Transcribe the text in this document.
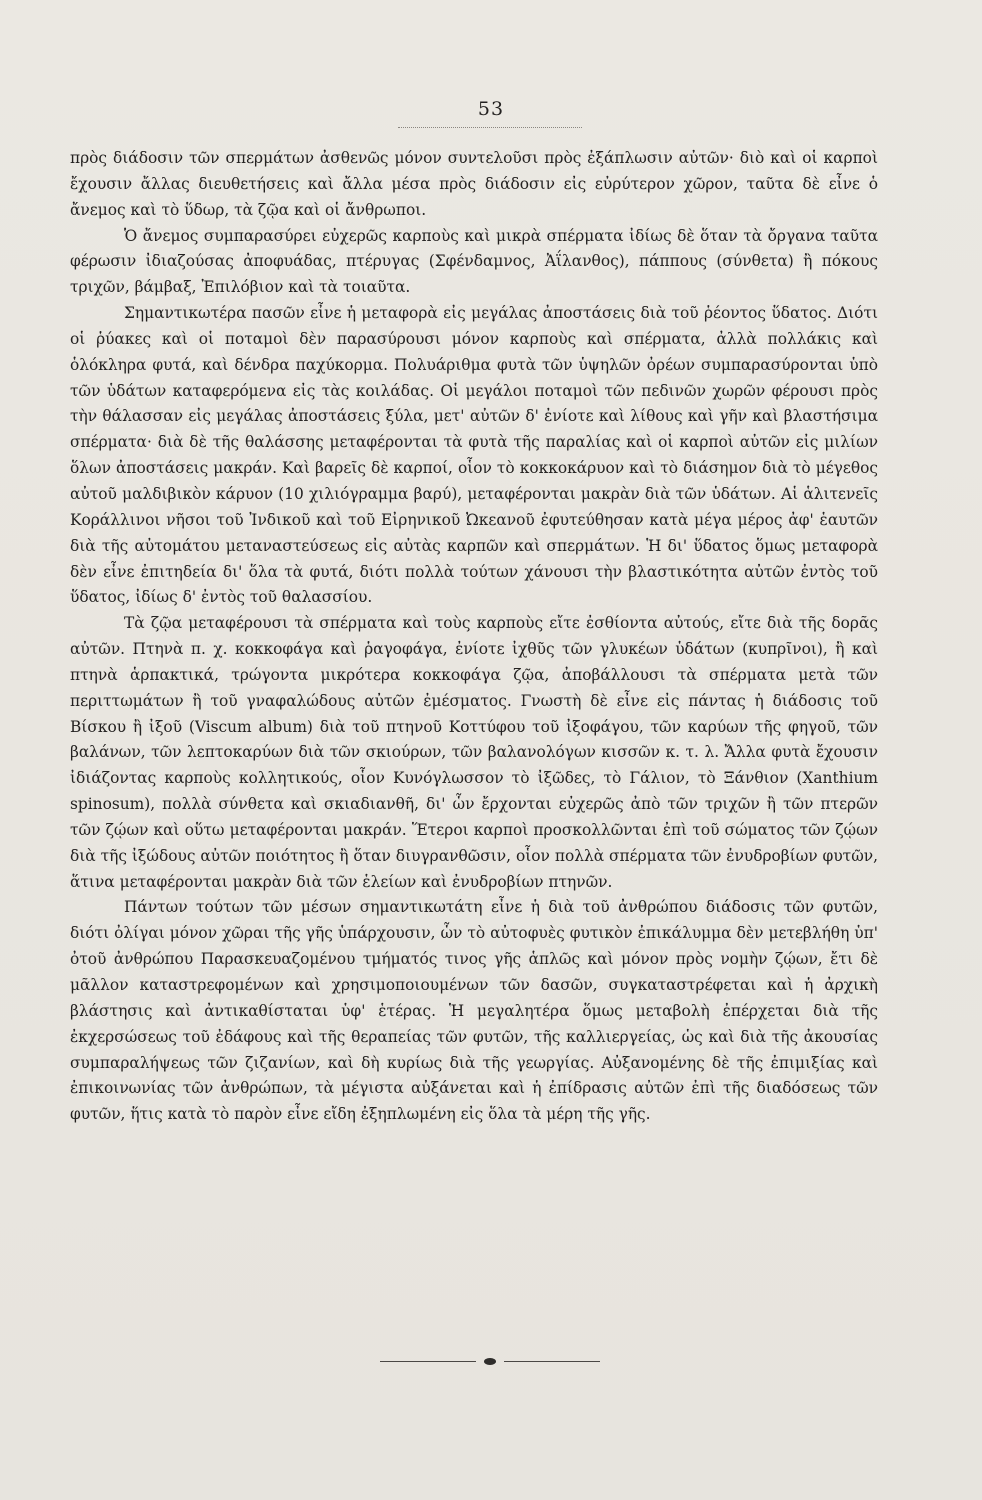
53

πρὸς διάδοσιν τῶν σπερμάτων ἀσθενῶς μόνον συντελοῦσι πρὸς ἐξάπλωσιν αὐτῶν· διὸ καὶ οἱ καρποὶ ἔχουσιν ἄλλας διευθετήσεις καὶ ἄλλα μέσα πρὸς διάδοσιν εἰς εὐρύτερον χῶρον, ταῦτα δὲ εἶνε ὁ ἄνεμος καὶ τὸ ὕδωρ, τὰ ζῷα καὶ οἱ ἄνθρωποι.

Ὁ ἄνεμος συμπαρασύρει εὐχερῶς καρποὺς καὶ μικρὰ σπέρματα ἰδίως δὲ ὅταν τὰ ὄργανα ταῦτα φέρωσιν ἰδιαζούσας ἀποφυάδας, πτέρυγας (Σφένδαμνος, Ἀΐλανθος), πάππους (σύνθετα) ἢ πόκους τριχῶν, βάμβαξ, Ἐπιλόβιον καὶ τὰ τοιαῦτα.

Σημαντικωτέρα πασῶν εἶνε ἡ μεταφορὰ εἰς μεγάλας ἀποστάσεις διὰ τοῦ ῥέοντος ὕδατος. Διότι οἱ ῥύακες καὶ οἱ ποταμοὶ δὲν παρασύρουσι μόνον καρποὺς καὶ σπέρματα, ἀλλὰ πολλάκις καὶ ὁλόκληρα φυτά, καὶ δένδρα παχύκορμα. Πολυάριθμα φυτὰ τῶν ὑψηλῶν ὀρέων συμπαρασύρονται ὑπὸ τῶν ὑδάτων καταφερόμενα εἰς τὰς κοιλάδας. Οἱ μεγάλοι ποταμοὶ τῶν πεδινῶν χωρῶν φέρουσι πρὸς τὴν θάλασσαν εἰς μεγάλας ἀποστάσεις ξύλα, μετ' αὐτῶν δ' ἐνίοτε καὶ λίθους καὶ γῆν καὶ βλαστήσιμα σπέρματα· διὰ δὲ τῆς θαλάσσης μεταφέρονται τὰ φυτὰ τῆς παραλίας καὶ οἱ καρποὶ αὐτῶν εἰς μιλίων ὅλων ἀποστάσεις μακράν. Καὶ βαρεῖς δὲ καρποί, οἷον τὸ κοκκοκάρυον καὶ τὸ διάσημον διὰ τὸ μέγεθος αὐτοῦ μαλδιβικὸν κάρυον (10 χιλιόγραμμα βαρύ), μεταφέρονται μακρὰν διὰ τῶν ὑδάτων. Αἱ ἁλιτενεῖς Κοράλλινοι νῆσοι τοῦ Ἰνδικοῦ καὶ τοῦ Εἰρηνικοῦ Ὠκεανοῦ ἐφυτεύθησαν κατὰ μέγα μέρος ἀφ' ἑαυτῶν διὰ τῆς αὐτομάτου μεταναστεύσεως εἰς αὐτὰς καρπῶν καὶ σπερμάτων. Ἡ δι' ὕδατος ὅμως μεταφορὰ δὲν εἶνε ἐπιτηδεία δι' ὅλα τὰ φυτά, διότι πολλὰ τούτων χάνουσι τὴν βλαστικότητα αὐτῶν ἐντὸς τοῦ ὕδατος, ἰδίως δ' ἐντὸς τοῦ θαλασσίου.

Τὰ ζῷα μεταφέρουσι τὰ σπέρματα καὶ τοὺς καρποὺς εἴτε ἐσθίοντα αὐτούς, εἴτε διὰ τῆς δορᾶς αὐτῶν. Πτηνὰ π. χ. κοκκοφάγα καὶ ῥαγοφάγα, ἐνίοτε ἰχθῦς τῶν γλυκέων ὑδάτων (κυπρῖνοι), ἢ καὶ πτηνὰ ἁρπακτικά, τρώγοντα μικρότερα κοκκοφάγα ζῷα, ἀποβάλλουσι τὰ σπέρματα μετὰ τῶν περιττωμάτων ἢ τοῦ γναφαλώδους αὐτῶν ἐμέσματος. Γνωστὴ δὲ εἶνε εἰς πάντας ἡ διάδοσις τοῦ Βίσκου ἢ ἰξοῦ (Viscum album) διὰ τοῦ πτηνοῦ Κοττύφου τοῦ ἰξοφάγου, τῶν καρύων τῆς φηγοῦ, τῶν βαλάνων, τῶν λεπτοκαρύων διὰ τῶν σκιούρων, τῶν βαλανολόγων κισσῶν κ. τ. λ. Ἄλλα φυτὰ ἔχουσιν ἰδιάζοντας καρποὺς κολλητικούς, οἷον Κυνόγλωσσον τὸ ἰξῶδες, τὸ Γάλιον, τὸ Ξάνθιον (Xanthium spinosum), πολλὰ σύνθετα καὶ σκιαδιανθῆ, δι' ὧν ἔρχονται εὐχερῶς ἀπὸ τῶν τριχῶν ἢ τῶν πτερῶν τῶν ζῴων καὶ οὕτω μεταφέρονται μακράν. Ἕτεροι καρποὶ προσκολλῶνται ἐπὶ τοῦ σώματος τῶν ζῴων διὰ τῆς ἰξώδους αὐτῶν ποιότητος ἢ ὅταν διυγρανθῶσιν, οἷον πολλὰ σπέρματα τῶν ἐνυδροβίων φυτῶν, ἅτινα μεταφέρονται μακρὰν διὰ τῶν ἑλείων καὶ ἐνυδροβίων πτηνῶν.

Πάντων τούτων τῶν μέσων σημαντικωτάτη εἶνε ἡ διὰ τοῦ ἀνθρώπου διάδοσις τῶν φυτῶν, διότι ὀλίγαι μόνον χῶραι τῆς γῆς ὑπάρχουσιν, ὧν τὸ αὐτοφυὲς φυτικὸν ἐπικάλυμμα δὲν μετεβλήθη ὑπ' ὀτοῦ ἀνθρώπου Παρασκευαζομένου τμήματός τινος γῆς ἁπλῶς καὶ μόνον πρὸς νομὴν ζῴων, ἔτι δὲ μᾶλλον καταστρεφομένων καὶ χρησιμοποιουμένων τῶν δασῶν, συγκαταστρέφεται καὶ ἡ ἀρχικὴ βλάστησις καὶ ἀντικαθίσταται ὑφ' ἑτέρας. Ἡ μεγαλητέρα ὅμως μεταβολὴ ἐπέρχεται διὰ τῆς ἐκχερσώσεως τοῦ ἐδάφους καὶ τῆς θεραπείας τῶν φυτῶν, τῆς καλλιεργείας, ὡς καὶ διὰ τῆς ἀκουσίας συμπαραλήψεως τῶν ζιζανίων, καὶ δὴ κυρίως διὰ τῆς γεωργίας. Αὐξανομένης δὲ τῆς ἐπιμιξίας καὶ ἐπικοινωνίας τῶν ἀνθρώπων, τὰ μέγιστα αὐξάνεται καὶ ἡ ἐπίδρασις αὐτῶν ἐπὶ τῆς διαδόσεως τῶν φυτῶν, ἥτις κατὰ τὸ παρὸν εἶνε εἴδη ἐξηπλωμένη εἰς ὅλα τὰ μέρη τῆς γῆς.
